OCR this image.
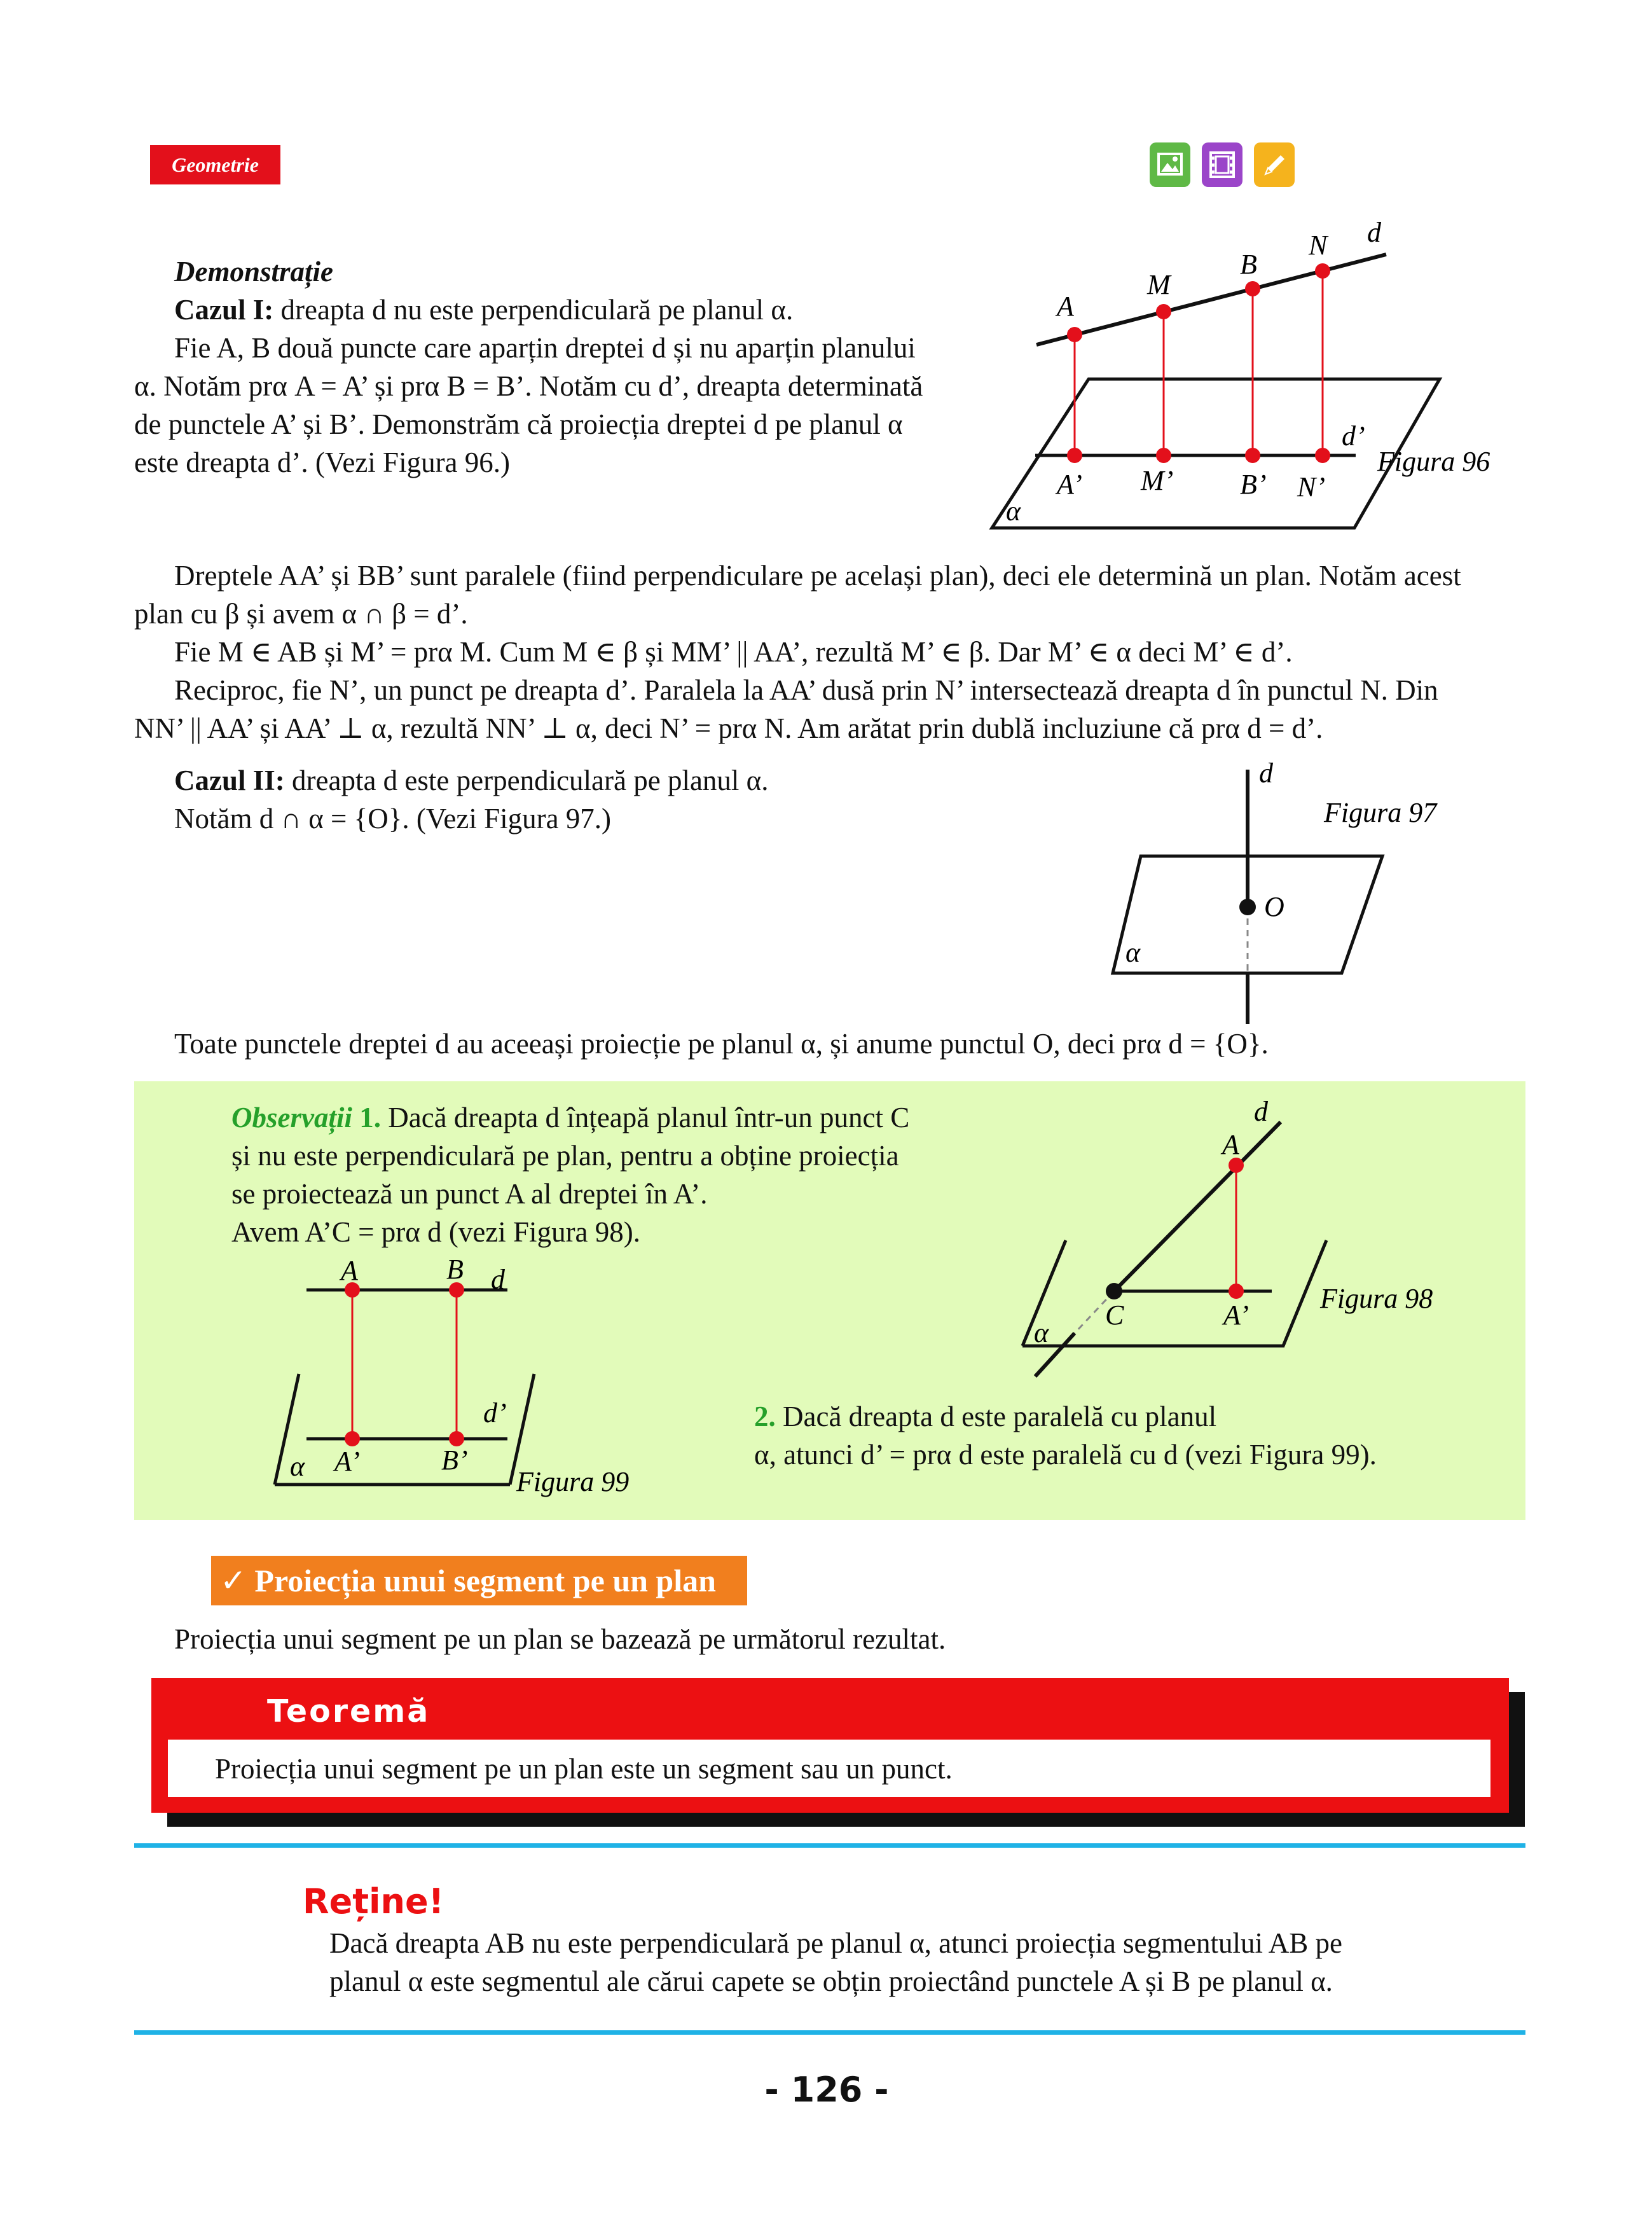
Geometrie
Demonstrație
Cazul I: dreapta d nu este perpendiculară pe planul α.
Fie A, B două puncte care aparțin dreptei d și nu aparțin planului
α. Notăm prα A = A’ și prα B = B’. Notăm cu d’, dreapta determinată
de punctele A’ și B’. Demonstrăm că proiecția dreptei d pe planul α
este dreapta d’. (Vezi Figura 96.)
A
M
B
N d
A’ M’ B’ N’
d’
α
Figura 96
Dreptele AA’ și BB’ sunt paralele (fiind perpendiculare pe același plan), deci ele determină un plan. Notăm acest
plan cu β și avem α ∩ β = d’.
Fie M ∈ AB și M’ = prα M. Cum M ∈ β și MM’ || AA’, rezultă M’ ∈ β. Dar M’ ∈ α deci M’ ∈ d’.
Reciproc, fie N’, un punct pe dreapta d’. Paralela la AA’ dusă prin N’ intersectează dreapta d în punctul N. Din
NN’ || AA’ și AA’ ⊥ α, rezultă NN’ ⊥ α, deci N’ = prα N. Am arătat prin dublă incluziune că prα d = d’.
Cazul II: dreapta d este perpendiculară pe planul α.
Notăm d ∩ α = {O}. (Vezi Figura 97.)
d
O
α
Figura 97
Toate punctele dreptei d au aceeași proiecție pe planul α, și anume punctul O, deci prα d = {O}.
Observații 1. Dacă dreapta d înțeapă planul într-un punct C
și nu este perpendiculară pe plan, pentru a obține proiecția
se proiectează un punct A al dreptei în A’.
Avem A’C = prα d (vezi Figura 98).
d
A
C	A’
α
Figura 98
A	B d
d’
A’	B’
α	Figura 99
2. Dacă dreapta d este paralelă cu planul
α, atunci d’ = prα d este paralelă cu d (vezi Figura 99).
✓ Proiecția unui segment pe un plan
Proiecția unui segment pe un plan se bazează pe următorul rezultat.
Teoremă
Proiecția unui segment pe un plan este un segment sau un punct.
Reține!
Dacă dreapta AB nu este perpendiculară pe planul α, atunci proiecția segmentului AB pe
planul α este segmentul ale cărui capete se obțin proiectând punctele A și B pe planul α.
- 126 -
